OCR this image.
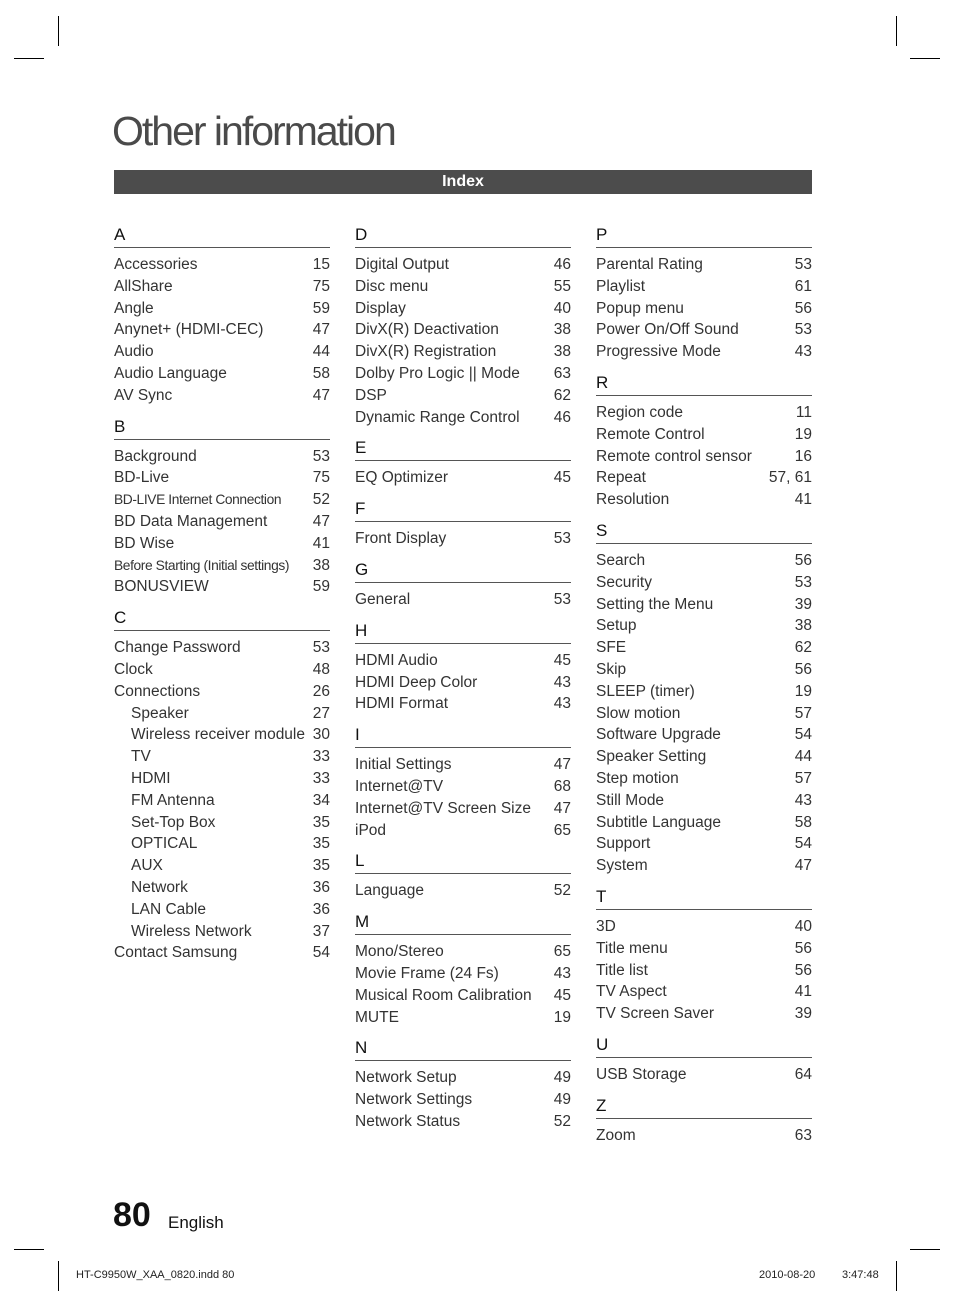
Other information
Index
A
Accessories	15
AllShare	75
Angle	59
Anynet+ (HDMI-CEC)	47
Audio	44
Audio Language	58
AV Sync	47
B
Background	53
BD-Live	75
BD-LIVE Internet Connection 52
BD Data Management	47
BD Wise	41
Before Starting (Initial settings) 38
BONUSVIEW	59
C
Change Password	53
Clock	48
Connections	26
Speaker	27
Wireless receiver module 30
TV	33
HDMI	33
FM Antenna	34
Set-Top Box	35
OPTICAL	35
AUX	35
Network	36
LAN Cable	36
Wireless Network	37
Contact Samsung	54
D
Digital Output	46
Disc menu	55
Display	40
DivX(R) Deactivation	38
DivX(R) Registration	38
Dolby Pro Logic || Mode 63
DSP	62
Dynamic Range Control 46
E
EQ Optimizer	45
F
Front Display	53
G
General	53
H
HDMI Audio	45
HDMI Deep Color	43
HDMI Format	43
I
Initial Settings	47
Internet@TV	68
Internet@TV Screen Size 47
iPod	65
L
Language	52
M
Mono/Stereo	65
Movie Frame (24 Fs)	43
Musical Room Calibration 45
MUTE	19
N
Network Setup	49
Network Settings	49
Network Status	52
P
Parental Rating	53
Playlist	61
Popup menu	56
Power On/Off Sound	53
Progressive Mode	43
R
Region code	11
Remote Control	19
Remote control sensor	16
Repeat	57, 61
Resolution	41
S
Search	56
Security	53
Setting the Menu	39
Setup	38
SFE	62
Skip	56
SLEEP (timer)	19
Slow motion	57
Software Upgrade	54
Speaker Setting	44
Step motion	57
Still Mode	43
Subtitle Language	58
Support	54
System	47
T
3D	40
Title menu	56
Title list	56
TV Aspect	41
TV Screen Saver	39
U
USB Storage	64
Z
Zoom	63
80 English
HT-C9950W_XAA_0820.indd 80	2010-08-20 3:47:48
